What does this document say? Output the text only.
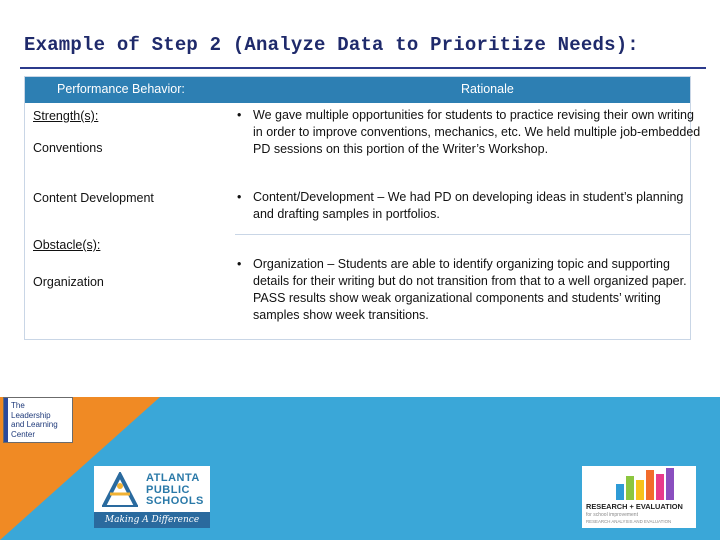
Example of Step 2 (Analyze Data to Prioritize Needs):
Performance Behavior:	Rationale
Strength(s):
Conventions
Content Development
Obstacle(s):
Organization
• We gave multiple opportunities for students to practice revising their own writing in order to improve conventions, mechanics, etc. We held multiple job-embedded PD sessions on this portion of the Writer’s Workshop.
• Content/Development – We had PD on developing ideas in student’s planning and drafting samples in portfolios.
• Organization – Students are able to identify organizing topic and supporting details for their writing but do not transition from that to a well organized paper. PASS results show weak organizational components and students’ writing samples show week transitions.
The
Leadership
and Learning
Center
ATLANTA
PUBLIC
SCHOOLS
Making A Difference
RESEARCH + EVALUATION
for school improvement
RESEARCH ANALYSIS AND EVALUATION
